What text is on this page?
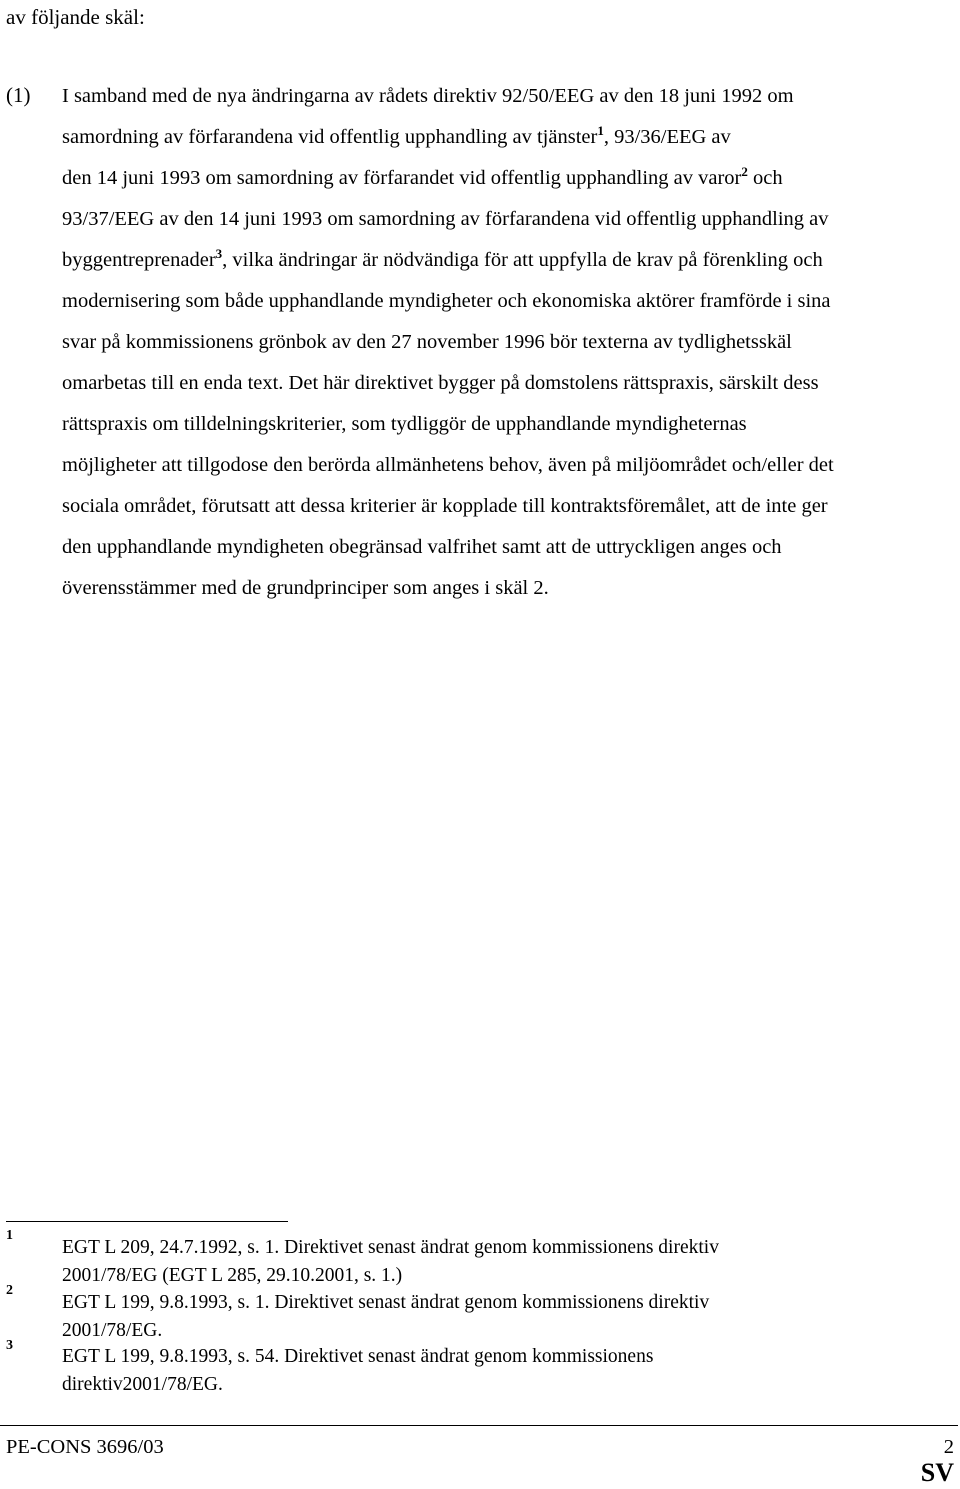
av följande skäl:

(1) I samband med de nya ändringarna av rådets direktiv 92/50/EEG av den 18 juni 1992 om
samordning av förfarandena vid offentlig upphandling av tjänster$^1$, 93/36/EEG av
den 14 juni 1993 om samordning av förfarandet vid offentlig upphandling av varor$^2$ och
93/37/EEG av den 14 juni 1993 om samordning av förfarandena vid offentlig upphandling av
byggentreprenader$^3$, vilka ändringar är nödvändiga för att uppfylla de krav på förenkling och
modernisering som både upphandlande myndigheter och ekonomiska aktörer framförde i sina
svar på kommissionens grönbok av den 27 november 1996 bör texterna av tydlighetsskäl
omarbetas till en enda text. Det här direktivet bygger på domstolens rättspraxis, särskilt dess
rättspraxis om tilldelningskriterier, som tydliggör de upphandlande myndigheternas
möjligheter att tillgodose den berörda allmänhetens behov, även på miljöområdet och/eller det
sociala området, förutsatt att dessa kriterier är kopplade till kontraktsföremålet, att de inte ger
den upphandlande myndigheten obegränsad valfrihet samt att de uttryckligen anges och
överensstämmer med de grundprinciper som anges i skäl 2.
1
EGT L 209, 24.7.1992, s. 1. Direktivet senast ändrat genom kommissionens direktiv
2001/78/EG (EGT L 285, 29.10.2001, s. 1.)
2
EGT L 199, 9.8.1993, s. 1. Direktivet senast ändrat genom kommissionens direktiv
2001/78/EG.
3
EGT L 199, 9.8.1993, s. 54. Direktivet senast ändrat genom kommissionens
direktiv2001/78/EG.
PE-CONS 3696/03	2
SV
